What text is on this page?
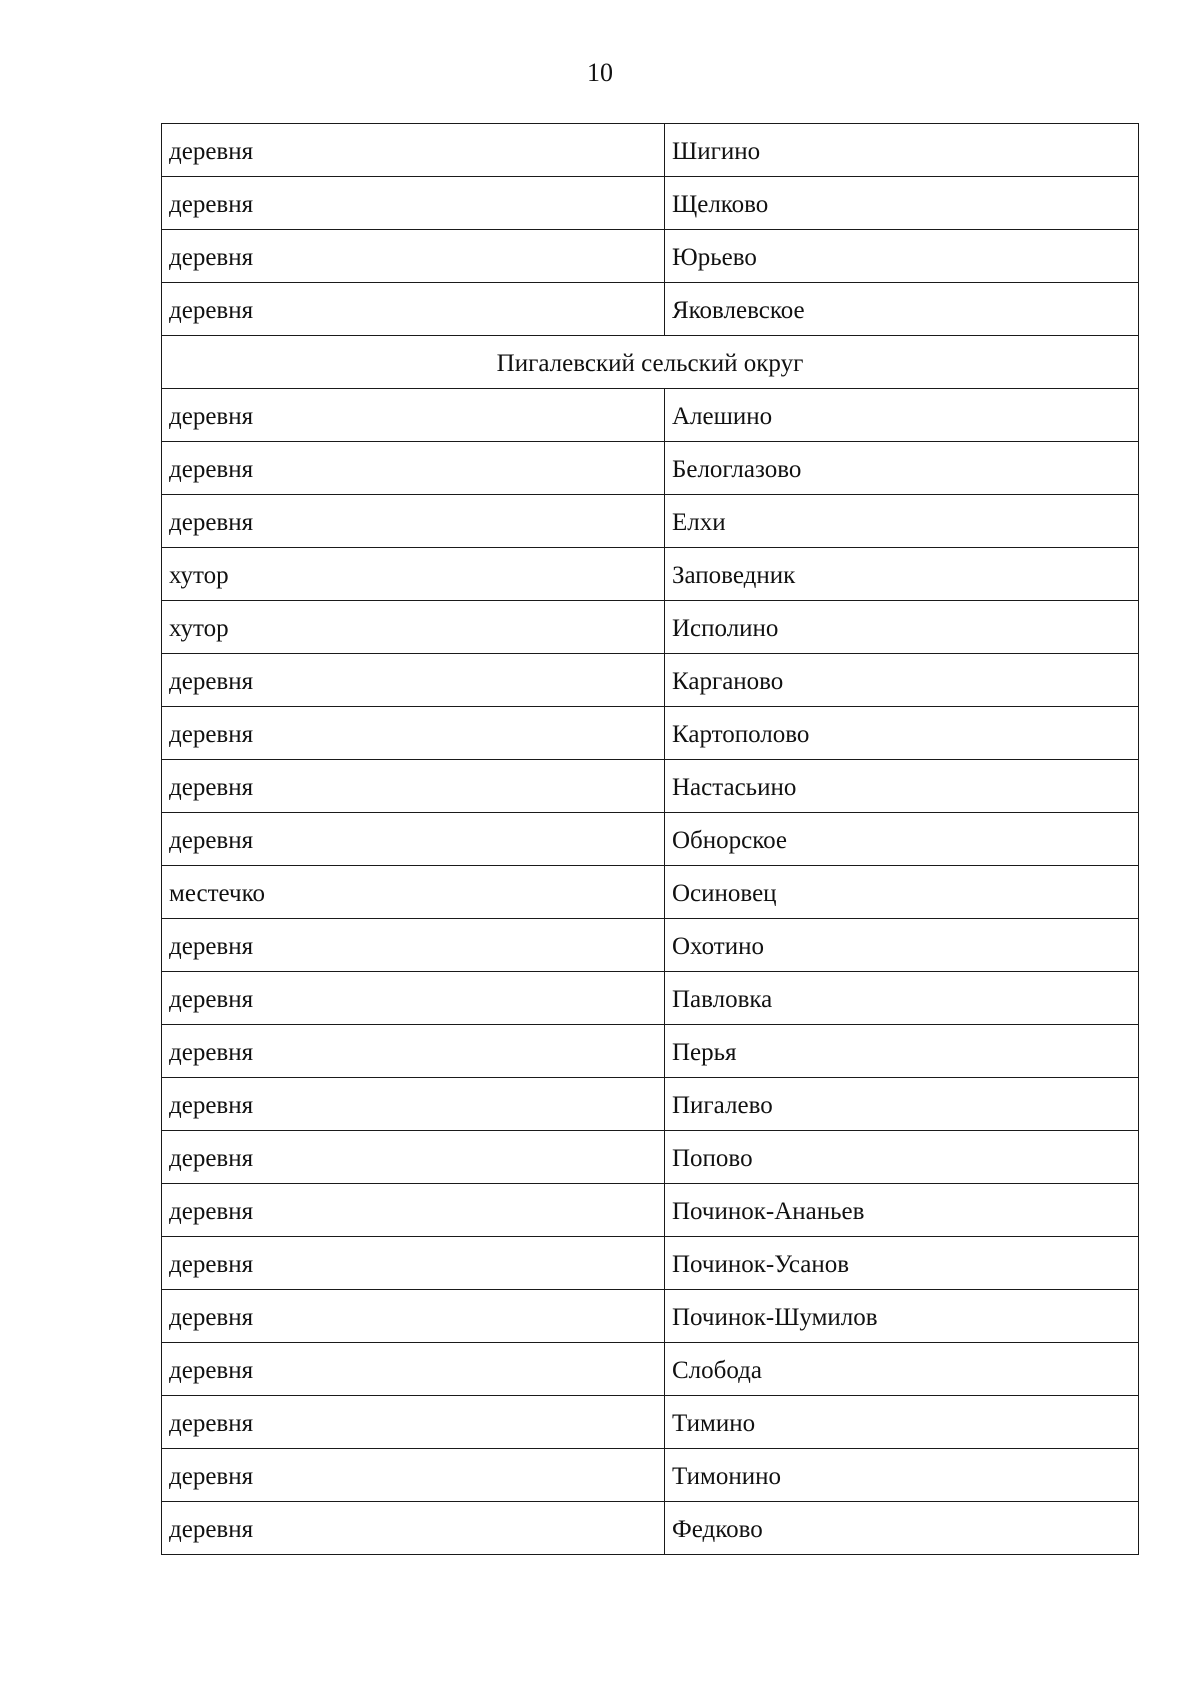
10
деревня	Шигино
деревня	Щелково
деревня	Юрьево
деревня	Яковлевское
Пигалевский сельский округ	
деревня	Алешино
деревня	Белоглазово
деревня	Елхи
хутор	Заповедник
хутор	Исполино
деревня	Карганово
деревня	Картополово
деревня	Настасьино
деревня	Обнорское
местечко	Осиновец
деревня	Охотино
деревня	Павловка
деревня	Перья
деревня	Пигалево
деревня	Попово
деревня	Починок-Ананьев
деревня	Починок-Усанов
деревня	Починок-Шумилов
деревня	Слобода
деревня	Тимино
деревня	Тимонино
деревня	Федково
